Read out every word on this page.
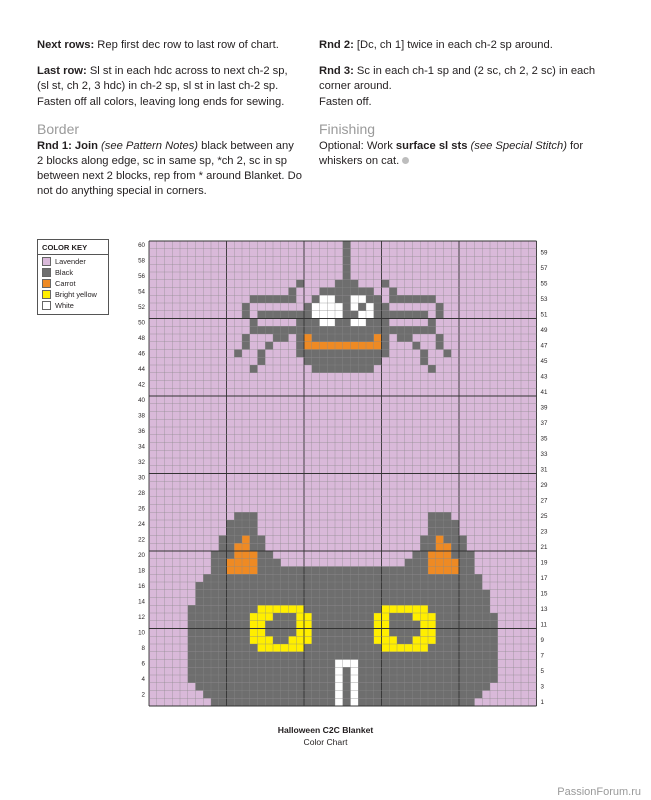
Next rows: Rep first dec row to last row of chart.

Last row: Sl st in each hdc across to next ch-2 sp, (sl st, ch 2, 3 hdc) in ch-2 sp, sl st in last ch-2 sp. Fasten off all colors, leaving long ends for sewing.

Border

Rnd 1: Join (see Pattern Notes) black between any 2 blocks along edge, sc in same sp, *ch 2, sc in sp between next 2 blocks, rep from * around Blanket. Do not do anything special in corners.

Rnd 2: [Dc, ch 1] twice in each ch-2 sp around.

Rnd 3: Sc in each ch-1 sp and (2 sc, ch 2, 2 sc) in each corner around.
Fasten off.

Finishing

Optional: Work surface sl sts (see Special Stitch) for whiskers on cat.

COLOR KEY
Lavender
Black
Carrot
Bright yellow
White
2
4
6
8
10
12
14
16
18
20
22
24
26
28
30
32
34
36
38
40
42
44
46
48
50
52
54
56
58
60
1
3
5
7
9
11
13
15
17
19
21
23
25
27
29
31
33
35
37
39
41
43
45
47
49
51
53
55
57
59
Halloween C2C Blanket
Color Chart
PassionForum.ru
